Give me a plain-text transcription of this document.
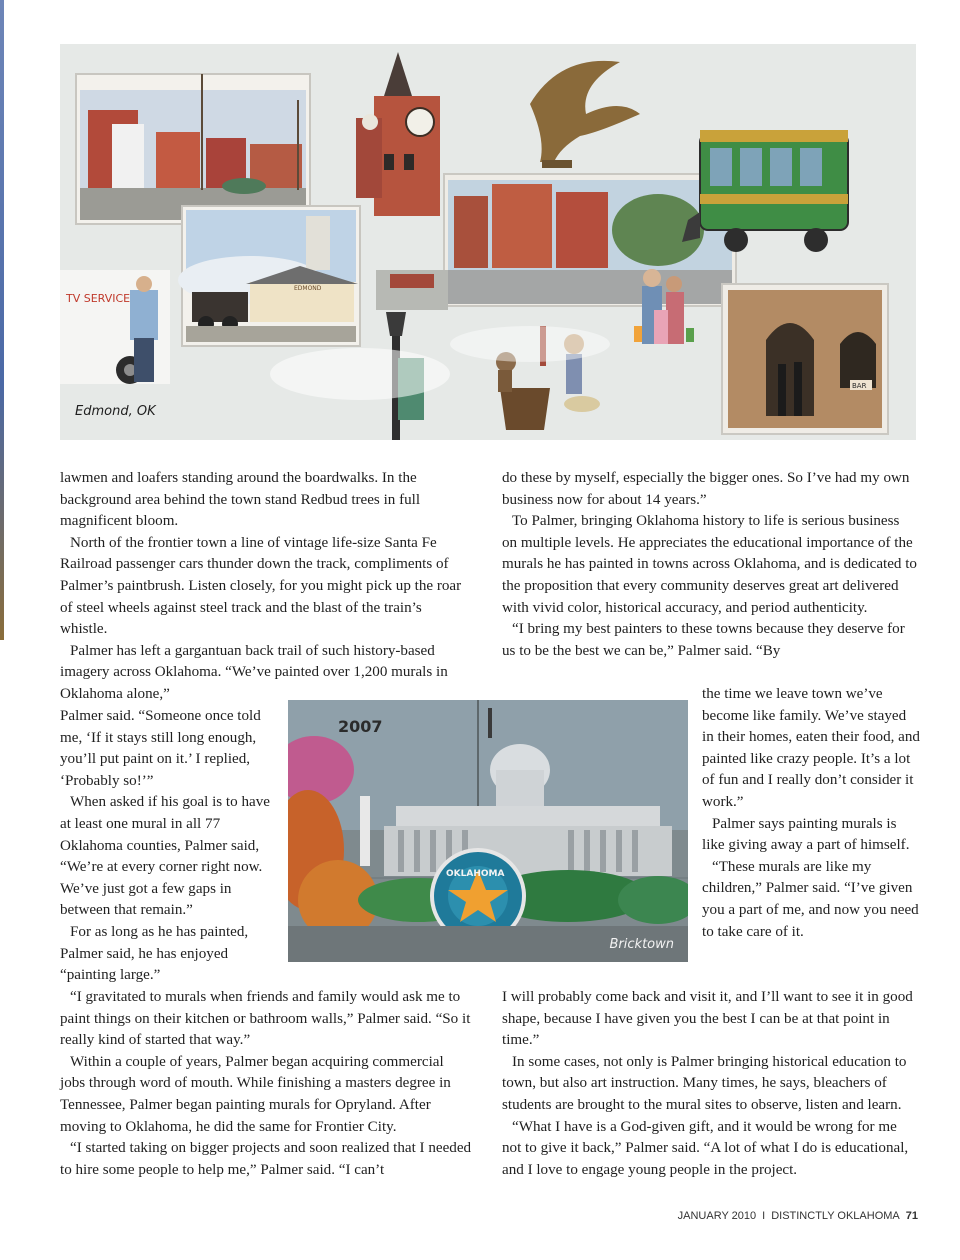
EDMOND
TV SERVICE
BAR
Edmond, OK

lawmen and loafers standing around the boardwalks. In the background area behind the town stand Redbud trees in full magnificent bloom.

North of the frontier town a line of vintage life-size Santa Fe Railroad passenger cars thunder down the track, compliments of Palmer’s paintbrush. Listen closely, for you might pick up the roar of steel wheels against steel track and the blast of the train’s whistle.

Palmer has left a gargantuan back trail of such history-based imagery across Oklahoma. “We’ve painted over 1,200 murals in Oklahoma alone,”

Palmer said. “Someone once told me, ‘If it stays still long enough, you’ll put paint on it.’ I replied, ‘Probably so!’”

When asked if his goal is to have at least one mural in all 77 Oklahoma counties, Palmer said, “We’re at every corner right now. We’ve just got a few gaps in between that remain.”

For as long as he has painted, Palmer said, he has enjoyed “painting large.”

“I gravitated to murals when friends and family would ask me to paint things on their kitchen or bathroom walls,” Palmer said. “So it really kind of started that way.”

Within a couple of years, Palmer began acquiring commercial jobs through word of mouth. While finishing a masters degree in Tennessee, Palmer began painting murals for Opryland. After moving to Oklahoma, he did the same for Frontier City.

“I started taking on bigger projects and soon realized that I needed to hire some people to help me,” Palmer said. “I can’t

do these by myself, especially the bigger ones. So I’ve had my own business now for about 14 years.”

To Palmer, bringing Oklahoma history to life is serious business on multiple levels. He appreciates the educational importance of the murals he has painted in towns across Oklahoma, and is dedicated to the proposition that every community deserves great art delivered with vivid color, historical accuracy, and period authenticity.

“I bring my best painters to these towns because they deserve for us to be the best we can be,” Palmer said. “By

the time we leave town we’ve become like family. We’ve stayed in their homes, eaten their food, and painted like crazy people. It’s a lot of fun and I really don’t consider it work.”

Palmer says painting murals is like giving away a part of himself.

“These murals are like my children,” Palmer said. “I’ve given you a part of me, and now you need to take care of it.

I will probably come back and visit it, and I’ll want to see it in good shape, because I have given you the best I can be at that point in time.”

In some cases, not only is Palmer bringing historical education to town, but also art instruction. Many times, he says, bleachers of students are brought to the mural sites to observe, listen and learn.

“What I have is a God-given gift, and it would be wrong for me not to give it back,” Palmer said. “A lot of what I do is educational, and I love to engage young people in the project.

2007
OKLAHOMA
Bricktown
JANUARY 2010 I DISTINCTLY OKLAHOMA 71
